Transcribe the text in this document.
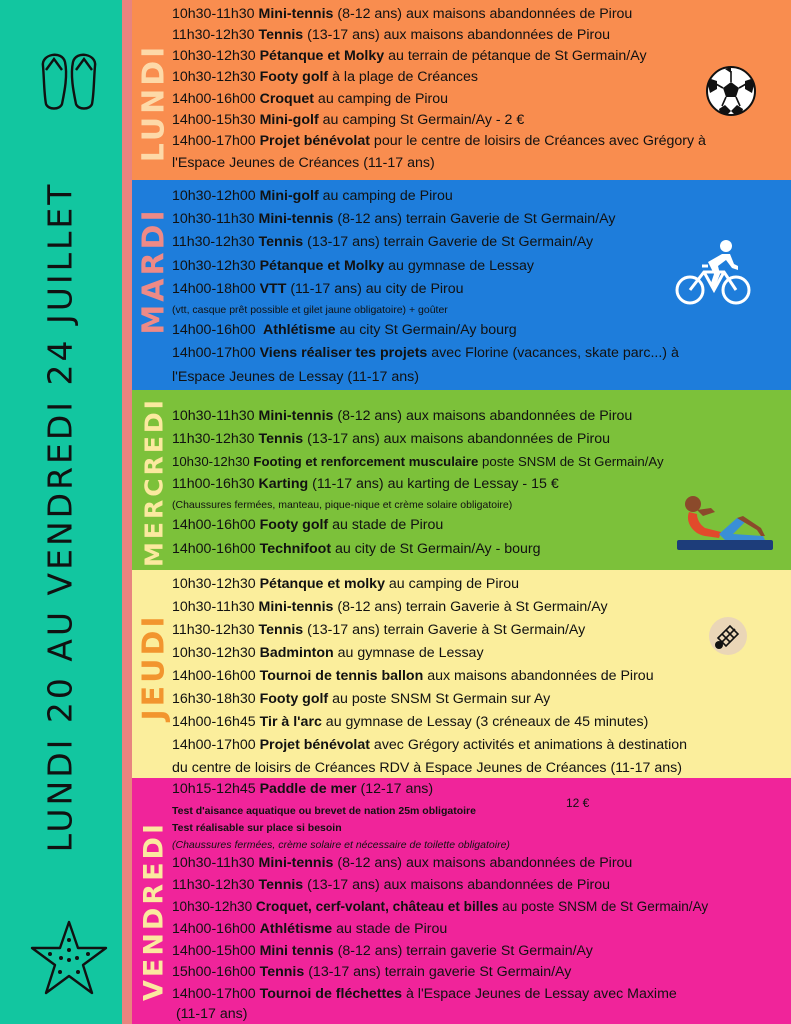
LUNDI 20 AU VENDREDI 24 JUILLET
LUNDI
10h30-11h30 Mini-tennis (8-12 ans) aux maisons abandonnées de Pirou
11h30-12h30 Tennis (13-17 ans) aux maisons abandonnées de Pirou
10h30-12h30 Pétanque et Molky au terrain de pétanque de St Germain/Ay
10h30-12h30 Footy golf à la plage de Créances
14h00-16h00 Croquet au camping de Pirou
14h00-15h30 Mini-golf au camping St Germain/Ay - 2 €
14h00-17h00 Projet bénévolat pour le centre de loisirs de Créances avec Grégory à
l'Espace Jeunes de Créances (11-17 ans)
MARDI
10h30-12h00 Mini-golf au camping de Pirou
10h30-11h30 Mini-tennis (8-12 ans) terrain Gaverie de St Germain/Ay
11h30-12h30 Tennis (13-17 ans) terrain Gaverie de St Germain/Ay
10h30-12h30 Pétanque et Molky au gymnase de Lessay
14h00-18h00 VTT (11-17 ans) au city de Pirou
(vtt, casque prêt possible et gilet jaune obligatoire) + goûter
14h00-16h00  Athlétisme au city St Germain/Ay bourg
14h00-17h00 Viens réaliser tes projets avec Florine (vacances, skate parc...) à
l'Espace Jeunes de Lessay (11-17 ans)
MERCREDI 10h30-11h30 Mini-tennis (8-12 ans) aux maisons abandonnées de Pirou
11h30-12h30 Tennis (13-17 ans) aux maisons abandonnées de Pirou
10h30-12h30 Footing et renforcement musculaire poste SNSM de St Germain/Ay
11h00-16h30 Karting (11-17 ans) au karting de Lessay - 15 €
(Chaussures fermées, manteau, pique-nique et crème solaire obligatoire)
14h00-16h00 Footy golf au stade de Pirou
14h00-16h00 Technifoot au city de St Germain/Ay - bourg
JEUDI
10h30-12h30 Pétanque et molky au camping de Pirou
10h30-11h30 Mini-tennis (8-12 ans) terrain Gaverie à St Germain/Ay
11h30-12h30 Tennis (13-17 ans) terrain Gaverie à St Germain/Ay
10h30-12h30 Badminton au gymnase de Lessay
14h00-16h00 Tournoi de tennis ballon aux maisons abandonnées de Pirou
16h30-18h30 Footy golf au poste SNSM St Germain sur Ay
14h00-16h45 Tir à l'arc au gymnase de Lessay (3 créneaux de 45 minutes)
14h00-17h00 Projet bénévolat avec Grégory activités et animations à destination
du centre de loisirs de Créances RDV à Espace Jeunes de Créances (11-17 ans)
VENDREDI
10h15-12h45 Paddle de mer (12-17 ans)
Test d'aisance aquatique ou brevet de nation 25m obligatoire
12 €
Test réalisable sur place si besoin
(Chaussures fermées, crème solaire et nécessaire de toilette obligatoire)
10h30-11h30 Mini-tennis (8-12 ans) aux maisons abandonnées de Pirou
11h30-12h30 Tennis (13-17 ans) aux maisons abandonnées de Pirou
10h30-12h30 Croquet, cerf-volant, château et billes au poste SNSM de St Germain/Ay
14h00-16h00 Athlétisme au stade de Pirou
14h00-15h00 Mini tennis (8-12 ans) terrain gaverie St Germain/Ay
15h00-16h00 Tennis (13-17 ans) terrain gaverie St Germain/Ay
14h00-17h00 Tournoi de fléchettes à l'Espace Jeunes de Lessay avec Maxime
(11-17 ans)
